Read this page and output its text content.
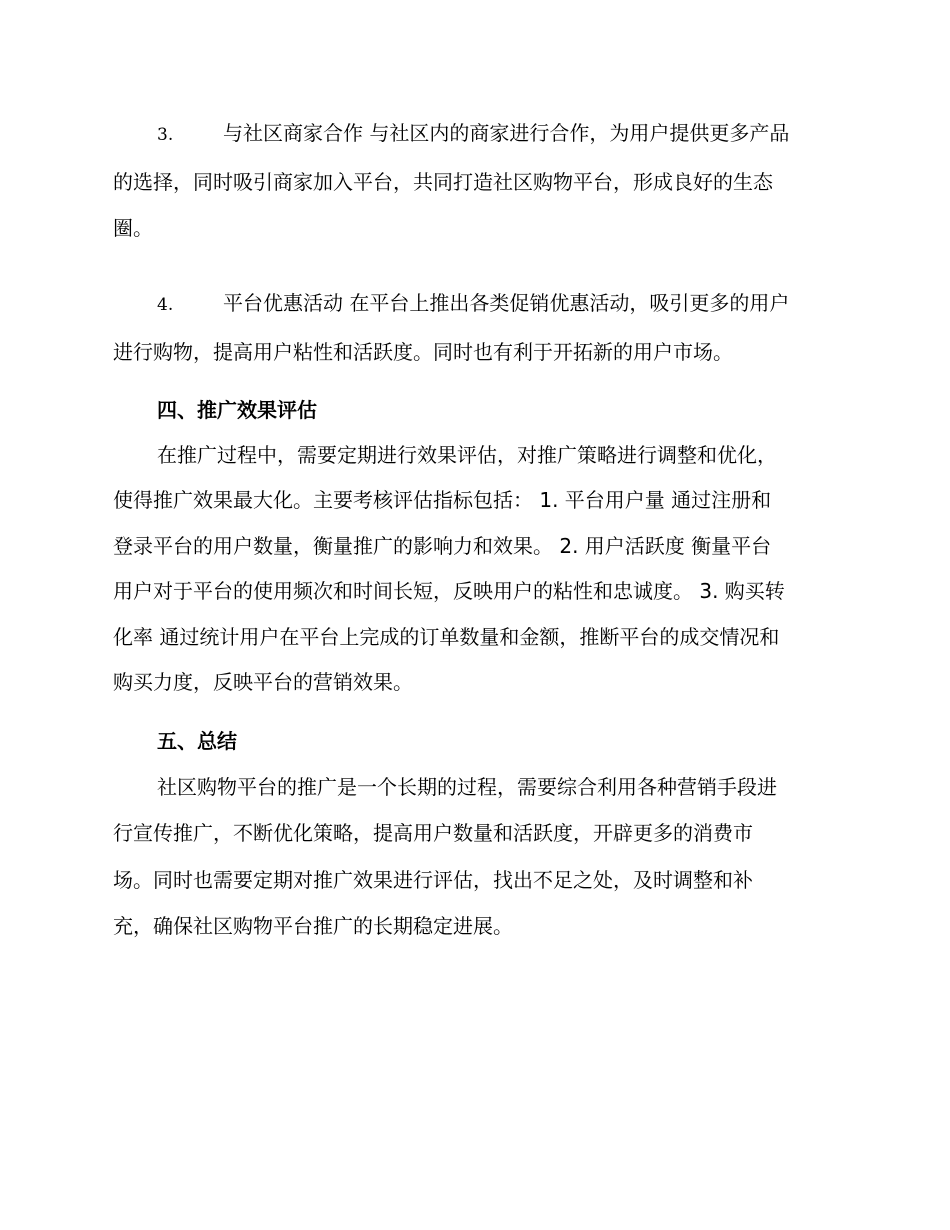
3. 与社区商家合作 与社区内的商家进行合作，为用户提供更多产品
的选择，同时吸引商家加入平台，共同打造社区购物平台，形成良好的生态
圈。
4. 平台优惠活动 在平台上推出各类促销优惠活动，吸引更多的用户
进行购物，提高用户粘性和活跃度。同时也有利于开拓新的用户市场。
四、推广效果评估
在推广过程中，需要定期进行效果评估，对推广策略进行调整和优化，
使得推广效果最大化。主要考核评估指标包括： 1. 平台用户量 通过注册和
登录平台的用户数量，衡量推广的影响力和效果。 2. 用户活跃度 衡量平台
用户对于平台的使用频次和时间长短，反映用户的粘性和忠诚度。 3. 购买转
化率 通过统计用户在平台上完成的订单数量和金额，推断平台的成交情况和
购买力度，反映平台的营销效果。
五、总结
社区购物平台的推广是一个长期的过程，需要综合利用各种营销手段进
行宣传推广，不断优化策略，提高用户数量和活跃度，开辟更多的消费市
场。同时也需要定期对推广效果进行评估，找出不足之处，及时调整和补
充，确保社区购物平台推广的长期稳定进展。
